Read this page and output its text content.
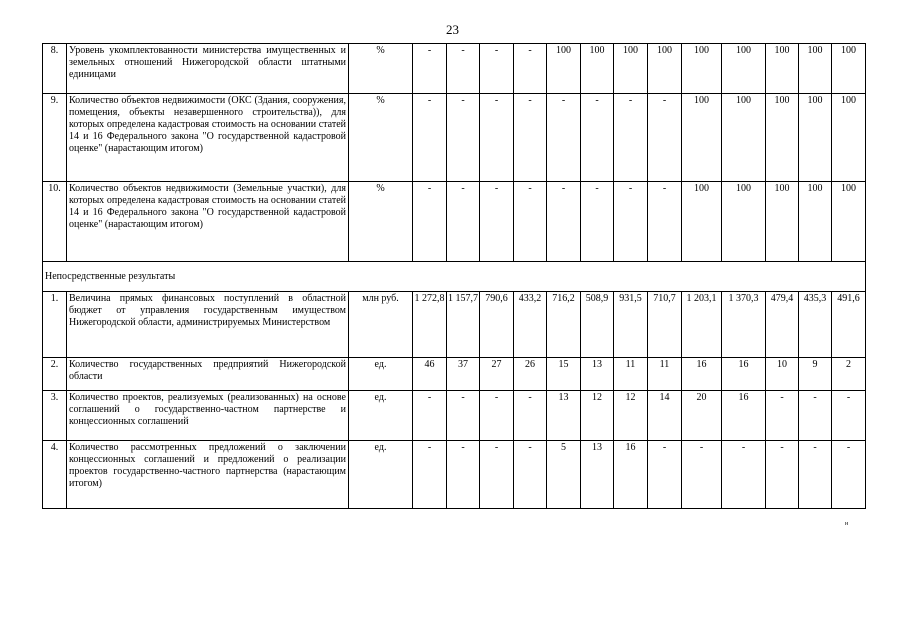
23
8.	Уровень укомплектованности министерства имущественных и земельных отношений Нижегородской области штатными единицами	%	-	-	-	-	100	100	100	100	100	100	100	100	100
9.	Количество объектов недвижимости (ОКС (Здания, сооружения, помещения, объекты незавершенного строительства)), для которых определена кадастровая стоимость на основании статей 14 и 16 Федерального закона "О государственной кадастровой оценке" (нарастающим итогом)	%	-	-	-	-	-	-	-	-	100	100	100	100	100
10.	Количество объектов недвижимости (Земельные участки), для которых определена кадастровая стоимость на основании статей 14 и 16 Федерального закона "О государственной кадастровой оценке" (нарастающим итогом)	%	-	-	-	-	-	-	-	-	100	100	100	100	100
Непосредственные результаты															
1.	Величина прямых финансовых поступлений в областной бюджет от управления государственным имуществом Нижегородской области, администрируемых Министерством	млн руб.	1 272,8	1 157,7	790,6	433,2	716,2	508,9	931,5	710,7	1 203,1	1 370,3	479,4	435,3	491,6
2.	Количество государственных предприятий Нижегородской области	ед.	46	37	27	26	15	13	11	11	16	16	10	9	2
3.	Количество проектов, реализуемых (реализованных) на основе соглашений о государственно-частном партнерстве и концессионных соглашений	ед.	-	-	-	-	13	12	12	14	20	16	-	-	-
4.	Количество рассмотренных предложений о заключении концессионных соглашений и предложений о реализации проектов государственно-частного партнерства (нарастающим итогом)	ед.	-	-	-	-	5	13	16	-	-	-	-	-	-
н
